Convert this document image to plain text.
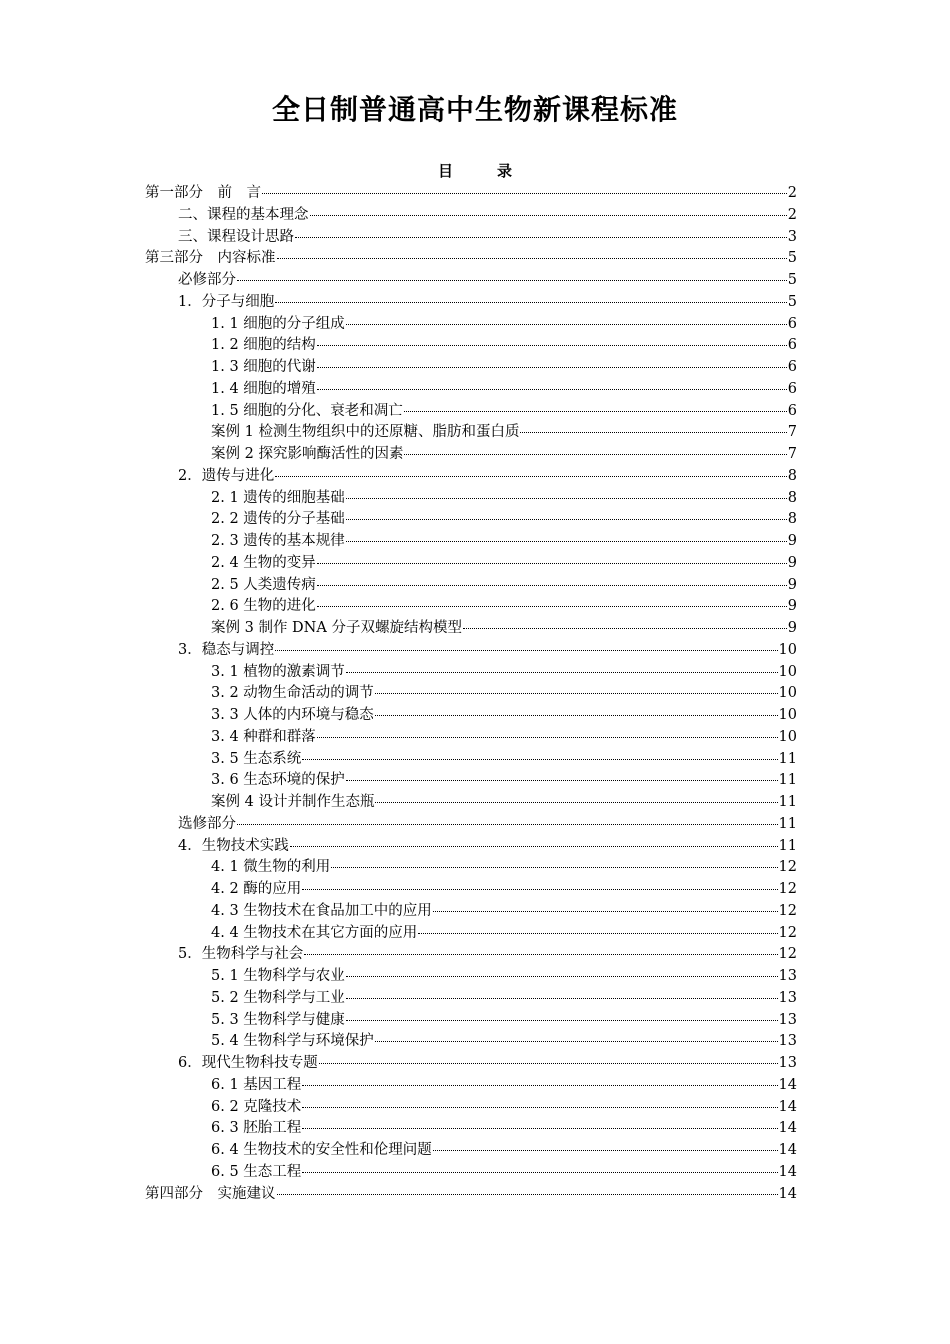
全日制普通高中生物新课程标准
目录
第一部分　前　言	2
二、课程的基本理念	2
三、课程设计思路	3
第三部分　内容标准	5
必修部分	5
1．分子与细胞	5
1. 1 细胞的分子组成	6
1. 2 细胞的结构	6
1. 3 细胞的代谢	6
1. 4 细胞的增殖	6
1. 5 细胞的分化、衰老和凋亡	6
案例 1 检测生物组织中的还原糖、脂肪和蛋白质	7
案例 2 探究影响酶活性的因素	7
2．遗传与进化	8
2. 1 遗传的细胞基础	8
2. 2 遗传的分子基础	8
2. 3 遗传的基本规律	9
2. 4 生物的变异	9
2. 5 人类遗传病	9
2. 6 生物的进化	9
案例 3 制作 DNA 分子双螺旋结构模型	9
3．稳态与调控	10
3. 1 植物的激素调节	10
3. 2 动物生命活动的调节	10
3. 3 人体的内环境与稳态	10
3. 4 种群和群落	10
3. 5 生态系统	11
3. 6 生态环境的保护	11
案例 4 设计并制作生态瓶	11
选修部分	11
4．生物技术实践	11
4. 1 微生物的利用	12
4. 2 酶的应用	12
4. 3 生物技术在食品加工中的应用	12
4. 4 生物技术在其它方面的应用	12
5．生物科学与社会	12
5. 1 生物科学与农业	13
5. 2 生物科学与工业	13
5. 3 生物科学与健康	13
5. 4 生物科学与环境保护	13
6．现代生物科技专题	13
6. 1 基因工程	14
6. 2 克隆技术	14
6. 3 胚胎工程	14
6. 4 生物技术的安全性和伦理问题	14
6. 5 生态工程	14
第四部分　实施建议	14
